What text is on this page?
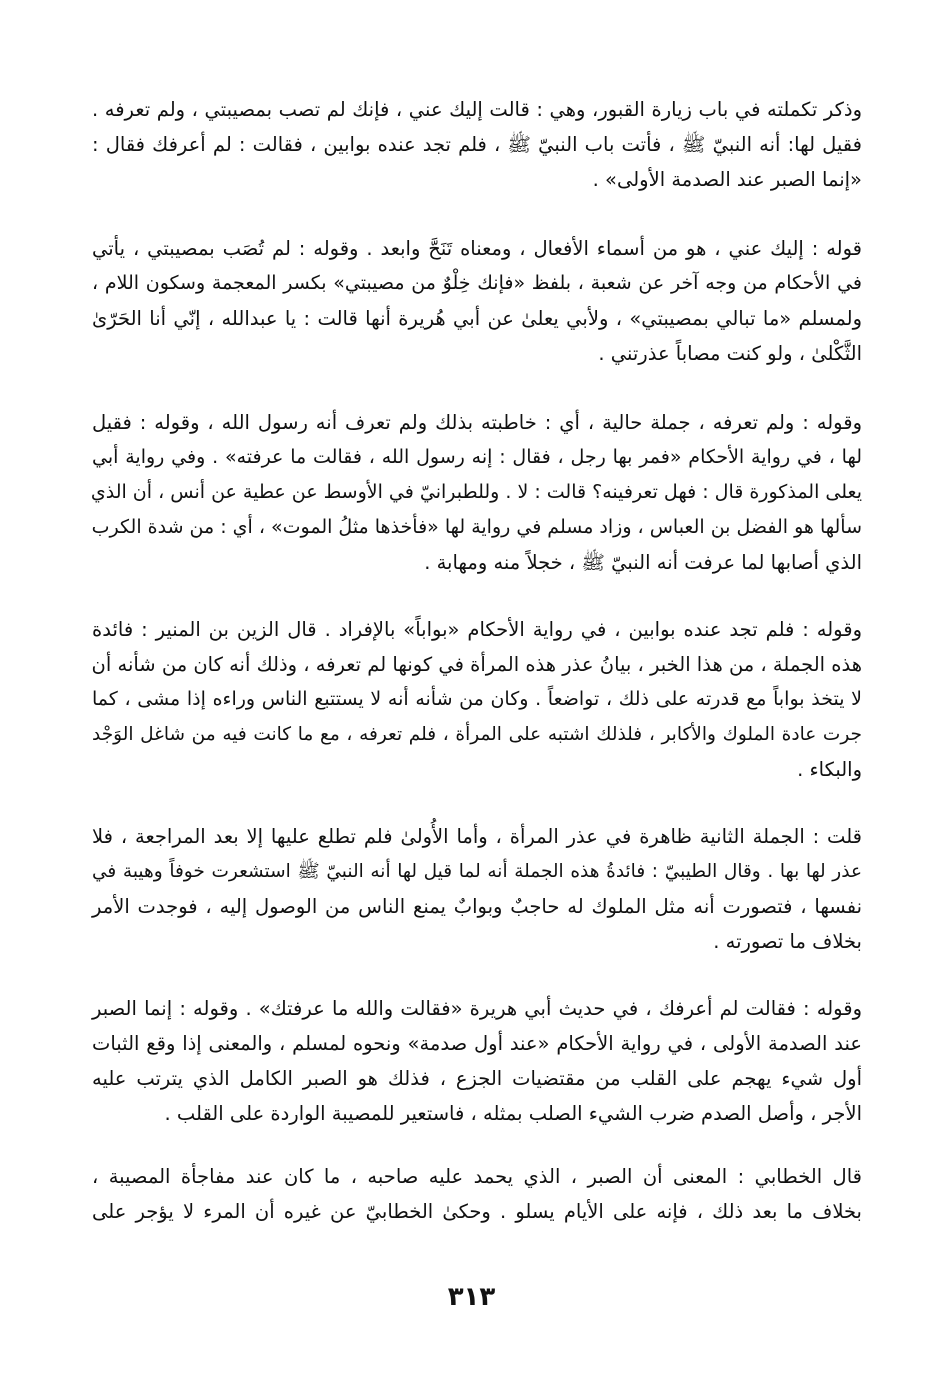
وذكر تكملته في باب زيارة القبور، وهي : قالت إليك عني ، فإنك لم تصب بمصيبتي ، ولم تعرفه .
فقيل لها: أنه النبيّ ﷺ ، فأتت باب النبيّ ﷺ ، فلم تجد عنده بوابين ، فقالت : لم أعرفك فقال :
«إنما الصبر عند الصدمة الأولى» .

قوله : إليك عني ، هو من أسماء الأفعال ، ومعناه تَنَحَّ وابعد . وقوله : لم تُصَب بمصيبتي ، يأتي
في الأحكام من وجه آخر عن شعبة ، بلفظ «فإنك خِلْوٌ من مصيبتي» بكسر المعجمة وسكون اللام ،
ولمسلم «ما تبالي بمصيبتي» ، ولأبي يعلىٰ عن أبي هُريرة أنها قالت : يا عبدالله ، إنّي أنا الحَرّىٰ
الثَّكْلىٰ ، ولو كنت مصاباً عذرتني .

وقوله : ولم تعرفه ، جملة حالية ، أي : خاطبته بذلك ولم تعرف أنه رسول الله ، وقوله : فقيل
لها ، في رواية الأحكام «فمر بها رجل ، فقال : إنه رسول الله ، فقالت ما عرفته» . وفي رواية أبي
يعلى المذكورة قال : فهل تعرفينه؟ قالت : لا . وللطبرانيّ في الأوسط عن عطية عن أنس ، أن الذي
سألها هو الفضل بن العباس ، وزاد مسلم في رواية لها «فأخذها مثلُ الموت» ، أي : من شدة الكرب
الذي أصابها لما عرفت أنه النبيّ ﷺ ، خجلاً منه ومهابة .

وقوله : فلم تجد عنده بوابين ، في رواية الأحكام «بواباً» بالإفراد . قال الزين بن المنير : فائدة
هذه الجملة ، من هذا الخبر ، بيانُ عذر هذه المرأة في كونها لم تعرفه ، وذلك أنه كان من شأنه أن
لا يتخذ بواباً مع قدرته على ذلك ، تواضعاً . وكان من شأنه أنه لا يستتبع الناس وراءه إذا مشى ، كما
جرت عادة الملوك والأكابر ، فلذلك اشتبه على المرأة ، فلم تعرفه ، مع ما كانت فيه من شاغل الوَجْد
والبكاء .

قلت : الجملة الثانية ظاهرة في عذر المرأة ، وأما الأُولىٰ فلم تطلع عليها إلا بعد المراجعة ، فلا
عذر لها بها . وقال الطيبيّ : فائدةُ هذه الجملة أنه لما قيل لها أنه النبيّ ﷺ استشعرت خوفاً وهيبة في
نفسها ، فتصورت أنه مثل الملوك له حاجبٌ وبوابٌ يمنع الناس من الوصول إليه ، فوجدت الأمر
بخلاف ما تصورته .

وقوله : فقالت لم أعرفك ، في حديث أبي هريرة «فقالت والله ما عرفتك» . وقوله : إنما الصبر
عند الصدمة الأولى ، في رواية الأحكام «عند أول صدمة» ونحوه لمسلم ، والمعنى إذا وقع الثبات
أول شيء يهجم على القلب من مقتضيات الجزع ، فذلك هو الصبر الكامل الذي يترتب عليه
الأجر ، وأصل الصدم ضرب الشيء الصلب بمثله ، فاستعير للمصيبة الواردة على القلب .

قال الخطابي : المعنى أن الصبر ، الذي يحمد عليه صاحبه ، ما كان عند مفاجأة المصيبة ،
بخلاف ما بعد ذلك ، فإنه على الأيام يسلو . وحكىٰ الخطابيّ عن غيره أن المرء لا يؤجر على

٣١٣
